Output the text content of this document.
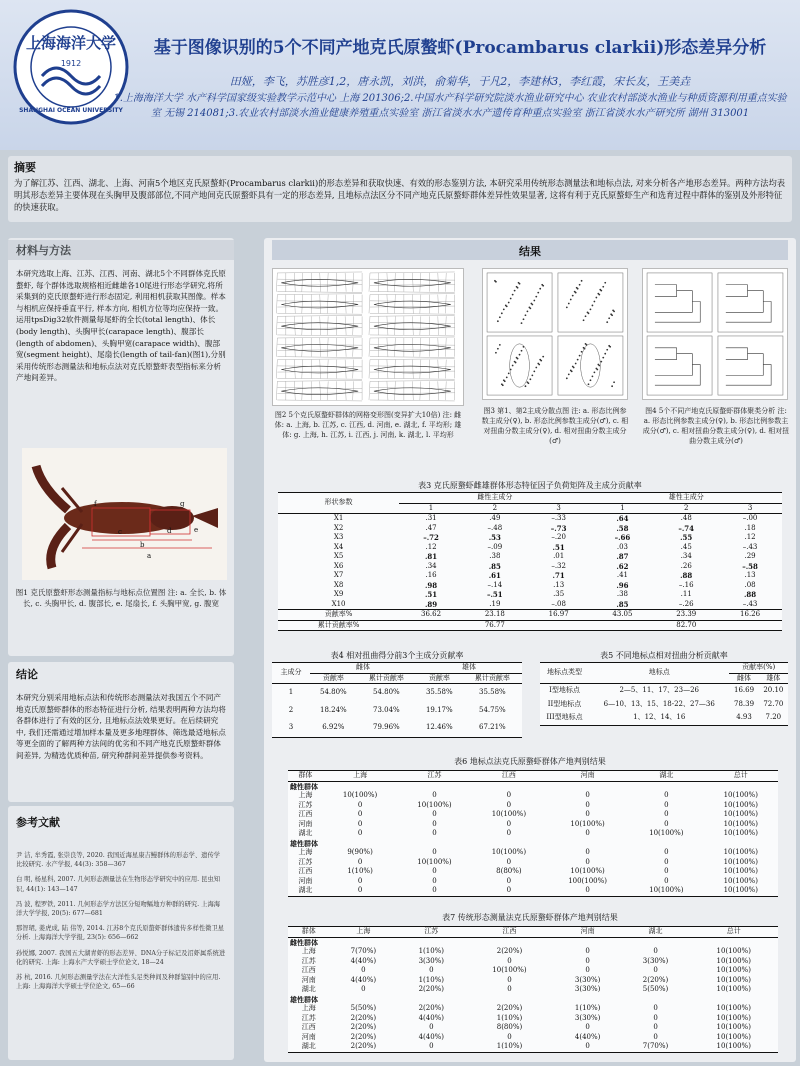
上海海洋大学
SHANGHAI OCEAN UNIVERSITY
1912
基于图像识别的5个不同产地克氏原螯虾(Procambarus clarkii)形态差异分析
田娅，李飞，苏胜彦1,2，唐永凯，刘洪，俞菊华，于凡2，李建林3，李红霞，宋长友，王美垚
1.上海海洋大学 水产科学国家级实验教学示范中心 上海 201306;2.中国水产科学研究院淡水渔业研究中心 农业农村部淡水渔业与种质资源利用重点实验室 无锡 214081;3.农业农村部淡水渔业健康养殖重点实验室 浙江省淡水水产遗传育种重点实验室 浙江省淡水水产研究所 湖州 313001
摘要
为了解江苏、江西、湖北、上海、河南5个地区克氏原螯虾(Procambarus clarkii)的形态差异和获取快速、有效的形态鉴别方法, 本研究采用传统形态测量法和地标点法, 对来分析各产地形态差异。两种方法均表明其形态差异主要体现在头胸甲及腹部部位,不同产地间克氏原螯虾具有一定的形态差异, 且地标点法区分不同产地克氏原螯虾群体差异性效果显著, 这将有利于克氏原螯虾生产和选育过程中群体的鉴别及外形特征的快速获取。
材料与方法
本研究选取上海、江苏、江西、河南、湖北5个不同群体克氏原螯虾, 每个群体选取规格相近雌雄各10尾进行形态学研究,将所采集到的克氏原螯虾进行形态固定, 利用相机获取其图像。样本与相机应保持垂直平行, 样本方向, 相机方位等均应保持一致。运用tpsDig32软件测量每尾虾的全长(total length)、体长(body length)、头胸甲长(carapace length)、腹部长(length of abdomen)、头胸甲宽(carapace width)、腹部宽(segment height)、尾扇长(length of tail-fan)(图1),分别采用传统形态测量法和地标点法对克氏原螯虾表型指标来分析产地间差异。
a
b
c	d	e
f	g
图1 克氏原螯虾形态测量指标与地标点位置图 注: a. 全长, b. 体长, c. 头胸甲长, d. 腹部长, e. 尾扇长, f. 头胸甲宽, g. 腹宽
结论
本研究分别采用地标点法和传统形态测量法对我国五个不同产地克氏原螯虾群体的形态特征进行分析, 结果表明两种方法均将各群体进行了有效的区分, 且地标点法效果更好。在后续研究中, 我们还需通过增加样本量及更多地理群体、筛选最适地标点等更全面的了解两种方法间的优劣和不同产地克氏原螯虾群体间差异, 为精选优质种苗, 研究种群间差异提供参考资料。
参考文献
尹 洁, 牟秀霞, 张崇良等, 2020. 我国近海星康吉鳗群体的形态学、遗传学比较研究. 水产学报, 44(3): 358—367
白 明, 杨星科, 2007. 几何形态测量法在生物形态学研究中的应用. 昆虫知识, 44(1): 143—147
冯 波, 程罗铁, 2011. 几何形态学方法区分短吻鲾地方种群的研究. 上海海洋大学学报, 20(5): 677—681
那智珺, 姜虎成, 陆 伟等, 2014. 江苏8个克氏原螯虾群体遗传多样性微卫星分析. 上海海洋大学学报, 23(5): 656—662
孙悦娜, 2007. 我国五大湖青虾的形态差异、DNA分子标记及沼虾属系统进化的研究. 上海: 上海水产大学硕士学位论文, 18—24
苏 杭, 2016. 几何形态测量学法在大洋性头足类种间及种群鉴别中的应用. 上海: 上海海洋大学硕士学位论文, 65—66
结果
图2 5个克氏原螯虾群体的网格变形图(变异扩大10倍) 注: 雌体: a. 上海, b. 江苏, c. 江西, d. 河南, e. 湖北, f. 平均形; 雄体: g. 上海, h. 江苏, i. 江西, j. 河南, k. 湖北, l. 平均形
图3 第1、第2主成分散点图 注: a. 形态比例参数主成分(♀), b. 形态比例参数主成分(♂), c. 相对扭曲分数主成分(♀), d. 相对扭曲分数主成分(♂)
图4 5个不同产地克氏原螯虾群体聚类分析 注: a. 形态比例参数主成分(♀), b. 形态比例参数主成分(♂), c. 相对扭曲分数主成分(♀), d. 相对扭曲分数主成分(♂)
表3 克氏原螯虾雌雄群体形态特征因子负荷矩阵及主成分贡献率
形状参数	雌性主成分			雄性主成分		
	1	2	3	1	2	3
X1	.31	.49	–.33	.64	.48	–.00
X2	.47	–.48	–.73	.58	–.74	.18
X3	–.72	.53	–.20	–.66	.55	.12
X4	.12	–.09	.51	.03	.45	–.43
X5	.81	.38	.01	.87	.34	.29
X6	.34	.85	–.32	.62	.26	–.58
X7	.16	.61	.71	.41	.88	.13
X8	.98	–.14	.13	.96	–.16	.08
X9	.51	–.51	.35	.38	.11	.88
X10	.89	.19	–.08	.85	–.26	–.43
贡献率%	36.62	23.18	16.97	43.05	23.39	16.26
累计贡献率%	76.77			82.70		
表4 相对扭曲得分前3个主成分贡献率
主成分	雌体		雄体	
	贡献率	累计贡献率	贡献率	累计贡献率
1	54.80%	54.80%	35.58%	35.58%
2	18.24%	73.04%	19.17%	54.75%
3	6.92%	79.96%	12.46%	67.21%
表5 不同地标点相对扭曲分析贡献率
地标点类型	地标点	贡献率(%)	
		雌体	雄体
I型地标点	2—5、11、17、23—26	16.69	20.10
II型地标点	6—10、13、15、18-22、27—36	78.39	72.70
III型地标点	1、12、14、16	4.93	7.20
表6 地标点法克氏原螯虾群体产地判别结果
群体	上海	江苏	江西	河南	湖北	总计
雌性群体						
上海	10(100%)	0	0	0	0	10(100%)
江苏	0	10(100%)	0	0	0	10(100%)
江西	0	0	10(100%)	0	0	10(100%)
河南	0	0	0	10(100%)	0	10(100%)
湖北	0	0	0	0	10(100%)	10(100%)
雄性群体						
上海	9(90%)	0	10(100%)	0	0	10(100%)
江苏	0	10(100%)	0	0	0	10(100%)
江西	1(10%)	0	8(80%)	10(100%)	0	10(100%)
河南	0	0	0	100(100%)	0	10(100%)
湖北	0	0	0	0	10(100%)	10(100%)
表7 传统形态测量法克氏原螯虾群体产地判别结果
群体	上海	江苏	江西	河南	湖北	总计
雌性群体						
上海	7(70%)	1(10%)	2(20%)	0	0	10(100%)
江苏	4(40%)	3(30%)	0	0	3(30%)	10(100%)
江西	0	0	10(100%)	0	0	10(100%)
河南	4(40%)	1(10%)	0	3(30%)	2(20%)	10(100%)
湖北	0	2(20%)	0	3(30%)	5(50%)	10(100%)
雄性群体						
上海	5(50%)	2(20%)	2(20%)	1(10%)	0	10(100%)
江苏	2(20%)	4(40%)	1(10%)	3(30%)	0	10(100%)
江西	2(20%)	0	8(80%)	0	0	10(100%)
河南	2(20%)	4(40%)	0	4(40%)	0	10(100%)
湖北	2(20%)	0	1(10%)	0	7(70%)	10(100%)
